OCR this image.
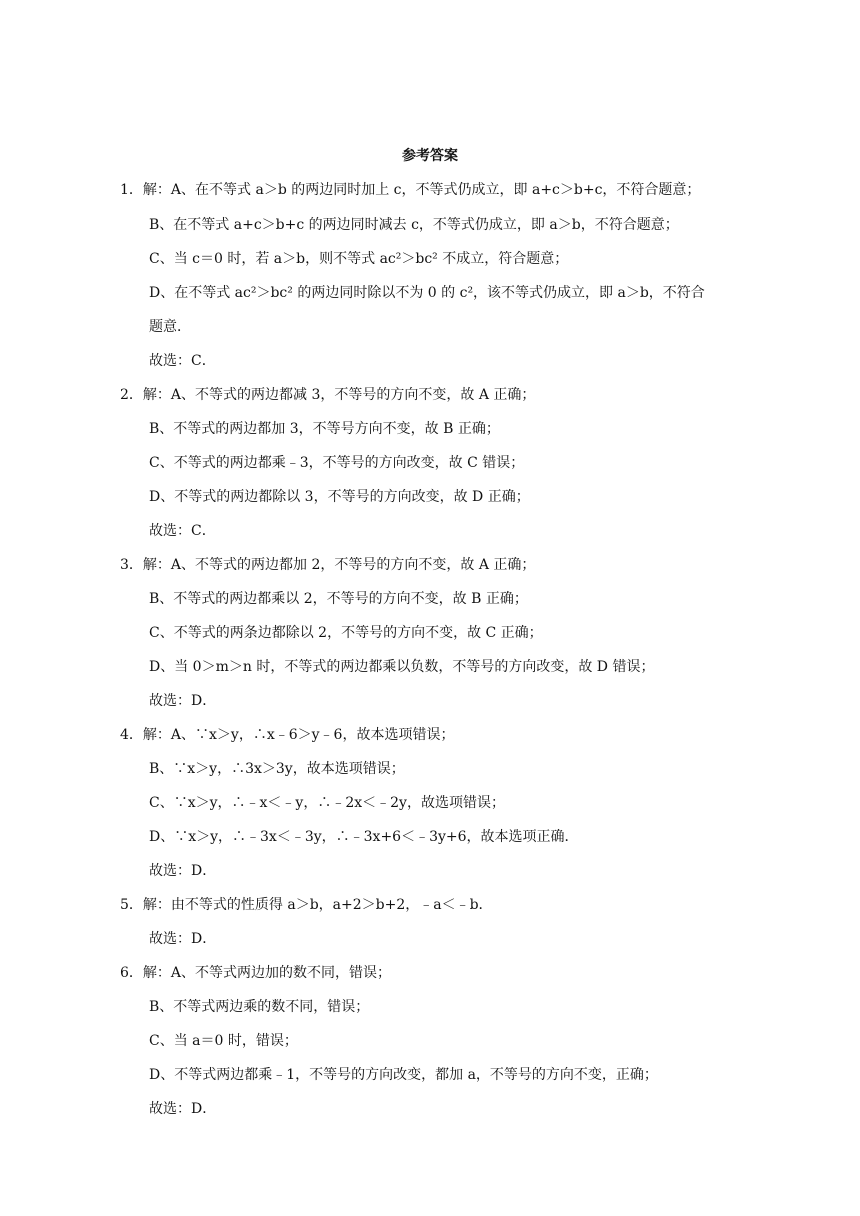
参考答案
1．解：A、在不等式 a＞b 的两边同时加上 c，不等式仍成立，即 a+c＞b+c，不符合题意；
B、在不等式 a+c＞b+c 的两边同时减去 c，不等式仍成立，即 a＞b，不符合题意；
C、当 c＝0 时，若 a＞b，则不等式 ac²＞bc² 不成立，符合题意；
D、在不等式 ac²＞bc² 的两边同时除以不为 0 的 c²，该不等式仍成立，即 a＞b，不符合
题意．
故选：C．
2．解：A、不等式的两边都减 3，不等号的方向不变，故 A 正确；
B、不等式的两边都加 3，不等号方向不变，故 B 正确；
C、不等式的两边都乘﹣3，不等号的方向改变，故 C 错误；
D、不等式的两边都除以 3，不等号的方向改变，故 D 正确；
故选：C．
3．解：A、不等式的两边都加 2，不等号的方向不变，故 A 正确；
B、不等式的两边都乘以 2，不等号的方向不变，故 B 正确；
C、不等式的两条边都除以 2，不等号的方向不变，故 C 正确；
D、当 0＞m＞n 时，不等式的两边都乘以负数，不等号的方向改变，故 D 错误；
故选：D．
4．解：A、∵x＞y，∴x﹣6＞y﹣6，故本选项错误；
B、∵x＞y，∴3x＞3y，故本选项错误；
C、∵x＞y，∴﹣x＜﹣y，∴﹣2x＜﹣2y，故选项错误；
D、∵x＞y，∴﹣3x＜﹣3y，∴﹣3x+6＜﹣3y+6，故本选项正确．
故选：D．
5．解：由不等式的性质得 a＞b，a+2＞b+2，﹣a＜﹣b．
故选：D．
6．解：A、不等式两边加的数不同，错误；
B、不等式两边乘的数不同，错误；
C、当 a＝0 时，错误；
D、不等式两边都乘﹣1，不等号的方向改变，都加 a，不等号的方向不变，正确；
故选：D．
